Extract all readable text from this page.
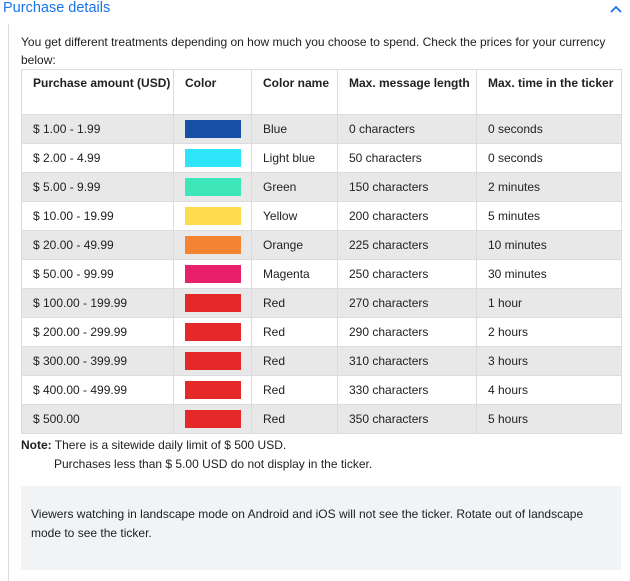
Purchase details
You get different treatments depending on how much you choose to spend. Check the prices for your currency below:
Purchase amount (USD)	Color	Color name	Max. message length	Max. time in the ticker
$ 1.00 - 1.99		Blue	0 characters	0 seconds
$ 2.00 - 4.99		Light blue	50 characters	0 seconds
$ 5.00 - 9.99		Green	150 characters	2 minutes
$ 10.00 - 19.99		Yellow	200 characters	5 minutes
$ 20.00 - 49.99		Orange	225 characters	10 minutes
$ 50.00 - 99.99		Magenta	250 characters	30 minutes
$ 100.00 - 199.99		Red	270 characters	1 hour
$ 200.00 - 299.99		Red	290 characters	2 hours
$ 300.00 - 399.99		Red	310 characters	3 hours
$ 400.00 - 499.99		Red	330 characters	4 hours
$ 500.00		Red	350 characters	5 hours
Note: There is a sitewide daily limit of $ 500 USD.
Purchases less than $ 5.00 USD do not display in the ticker.
Viewers watching in landscape mode on Android and iOS will not see the ticker. Rotate out of landscape mode to see the ticker.
